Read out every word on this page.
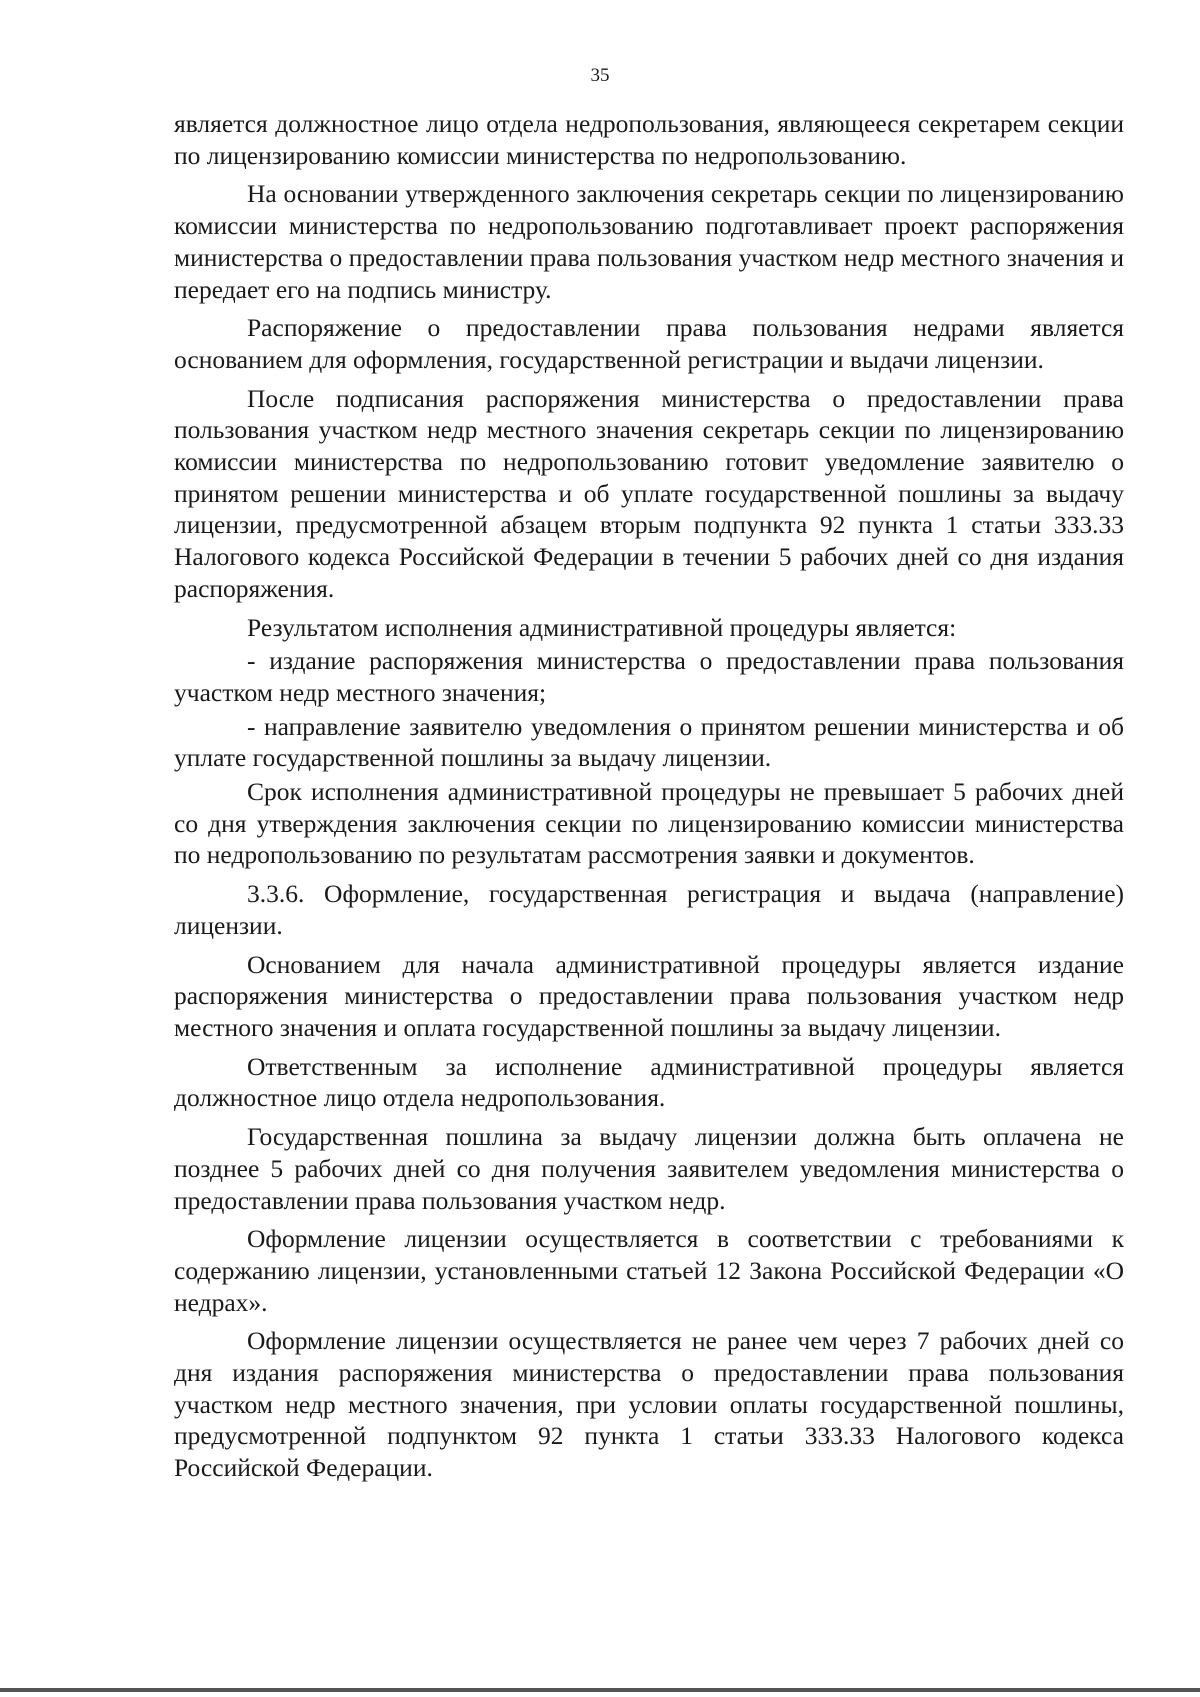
35

является должностное лицо отдела недропользования, являющееся секретарем секции по лицензированию комиссии министерства по недропользованию.

На основании утвержденного заключения секретарь секции по лицензированию комиссии министерства по недропользованию подготавливает проект распоряжения министерства о предоставлении права пользования участком недр местного значения и передает его на подпись министру.

Распоряжение о предоставлении права пользования недрами является основанием для оформления, государственной регистрации и выдачи лицензии.

После подписания распоряжения министерства о предоставлении права пользования участком недр местного значения секретарь секции по лицензированию комиссии министерства по недропользованию готовит уведомление заявителю о принятом решении министерства и об уплате государственной пошлины за выдачу лицензии, предусмотренной абзацем вторым подпункта 92 пункта 1 статьи 333.33 Налогового кодекса Российской Федерации в течении 5 рабочих дней со дня издания распоряжения.

Результатом исполнения административной процедуры является:

- издание распоряжения министерства о предоставлении права пользования участком недр местного значения;

- направление заявителю уведомления о принятом решении министерства и об уплате государственной пошлины за выдачу лицензии.

Срок исполнения административной процедуры не превышает 5 рабочих дней со дня утверждения заключения секции по лицензированию комиссии министерства по недропользованию по результатам рассмотрения заявки и документов.

3.3.6. Оформление, государственная регистрация и выдача (направление) лицензии.

Основанием для начала административной процедуры является издание распоряжения министерства о предоставлении права пользования участком недр местного значения и оплата государственной пошлины за выдачу лицензии.

Ответственным за исполнение административной процедуры является должностное лицо отдела недропользования.

Государственная пошлина за выдачу лицензии должна быть оплачена не позднее 5 рабочих дней со дня получения заявителем уведомления министерства о предоставлении права пользования участком недр.

Оформление лицензии осуществляется в соответствии с требованиями к содержанию лицензии, установленными статьей 12 Закона Российской Федерации «О недрах».

Оформление лицензии осуществляется не ранее чем через 7 рабочих дней со дня издания распоряжения министерства о предоставлении права пользования участком недр местного значения, при условии оплаты государственной пошлины, предусмотренной подпунктом 92 пункта 1 статьи 333.33 Налогового кодекса Российской Федерации.
